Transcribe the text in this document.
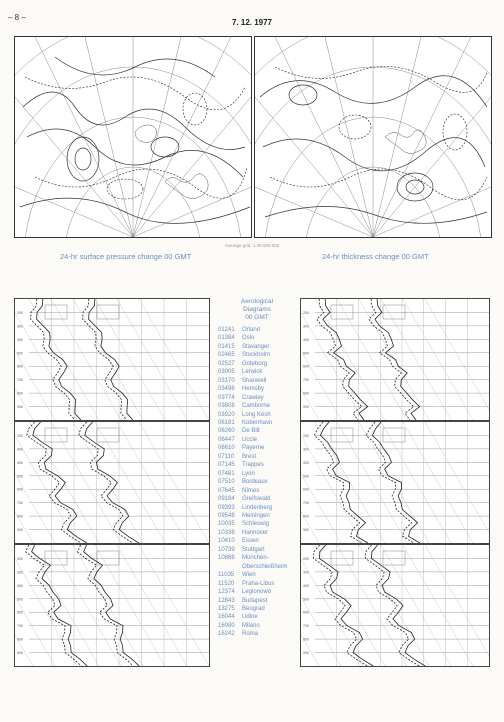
– 8 –
7. 12. 1977
Average grid, 1:40 000 000
24-hr surface pressure change 00 GMT	24-hr thickness change 00 GMT
200
300
400
500
600
700
800
900
200
300
400
500
600
700
800
900
200
300
400
500
600
700
800
900
200
300
400
500
600
700
800
900
200
300
400
500
600
700
800
900
200
300
400
500
600
700
800
900
Aerological
Diagrams
00 GMT
01241	Orland
01384	Oslo
01415	Stavanger
02465	Stockholm
02527	Goteborg
03005	Lerwick
03170	Shanwell
03496	Hemsby
03774	Crawley
03808	Camborne
03920	Long Kesh
06181	Kobenhavn
06260	De Bilt
06447	Uccle
06610	Payerne
07110	Brest
07145	Trappes
07481	Lyon
07510	Bordeaux
07645	Nîmes
09184	Greifswald
09393	Lindenberg
09548	Meiningen
10035	Schleswig
10338	Hannover
10410	Essen
10739	Stuttgart
10868	München-
Oberschleißheim
11035	Wien
11520	Praha-Libus
12374	Legionowo
12843	Budapest
13275	Beograd
16044	Udine
16080	Milano
16242	Roma
